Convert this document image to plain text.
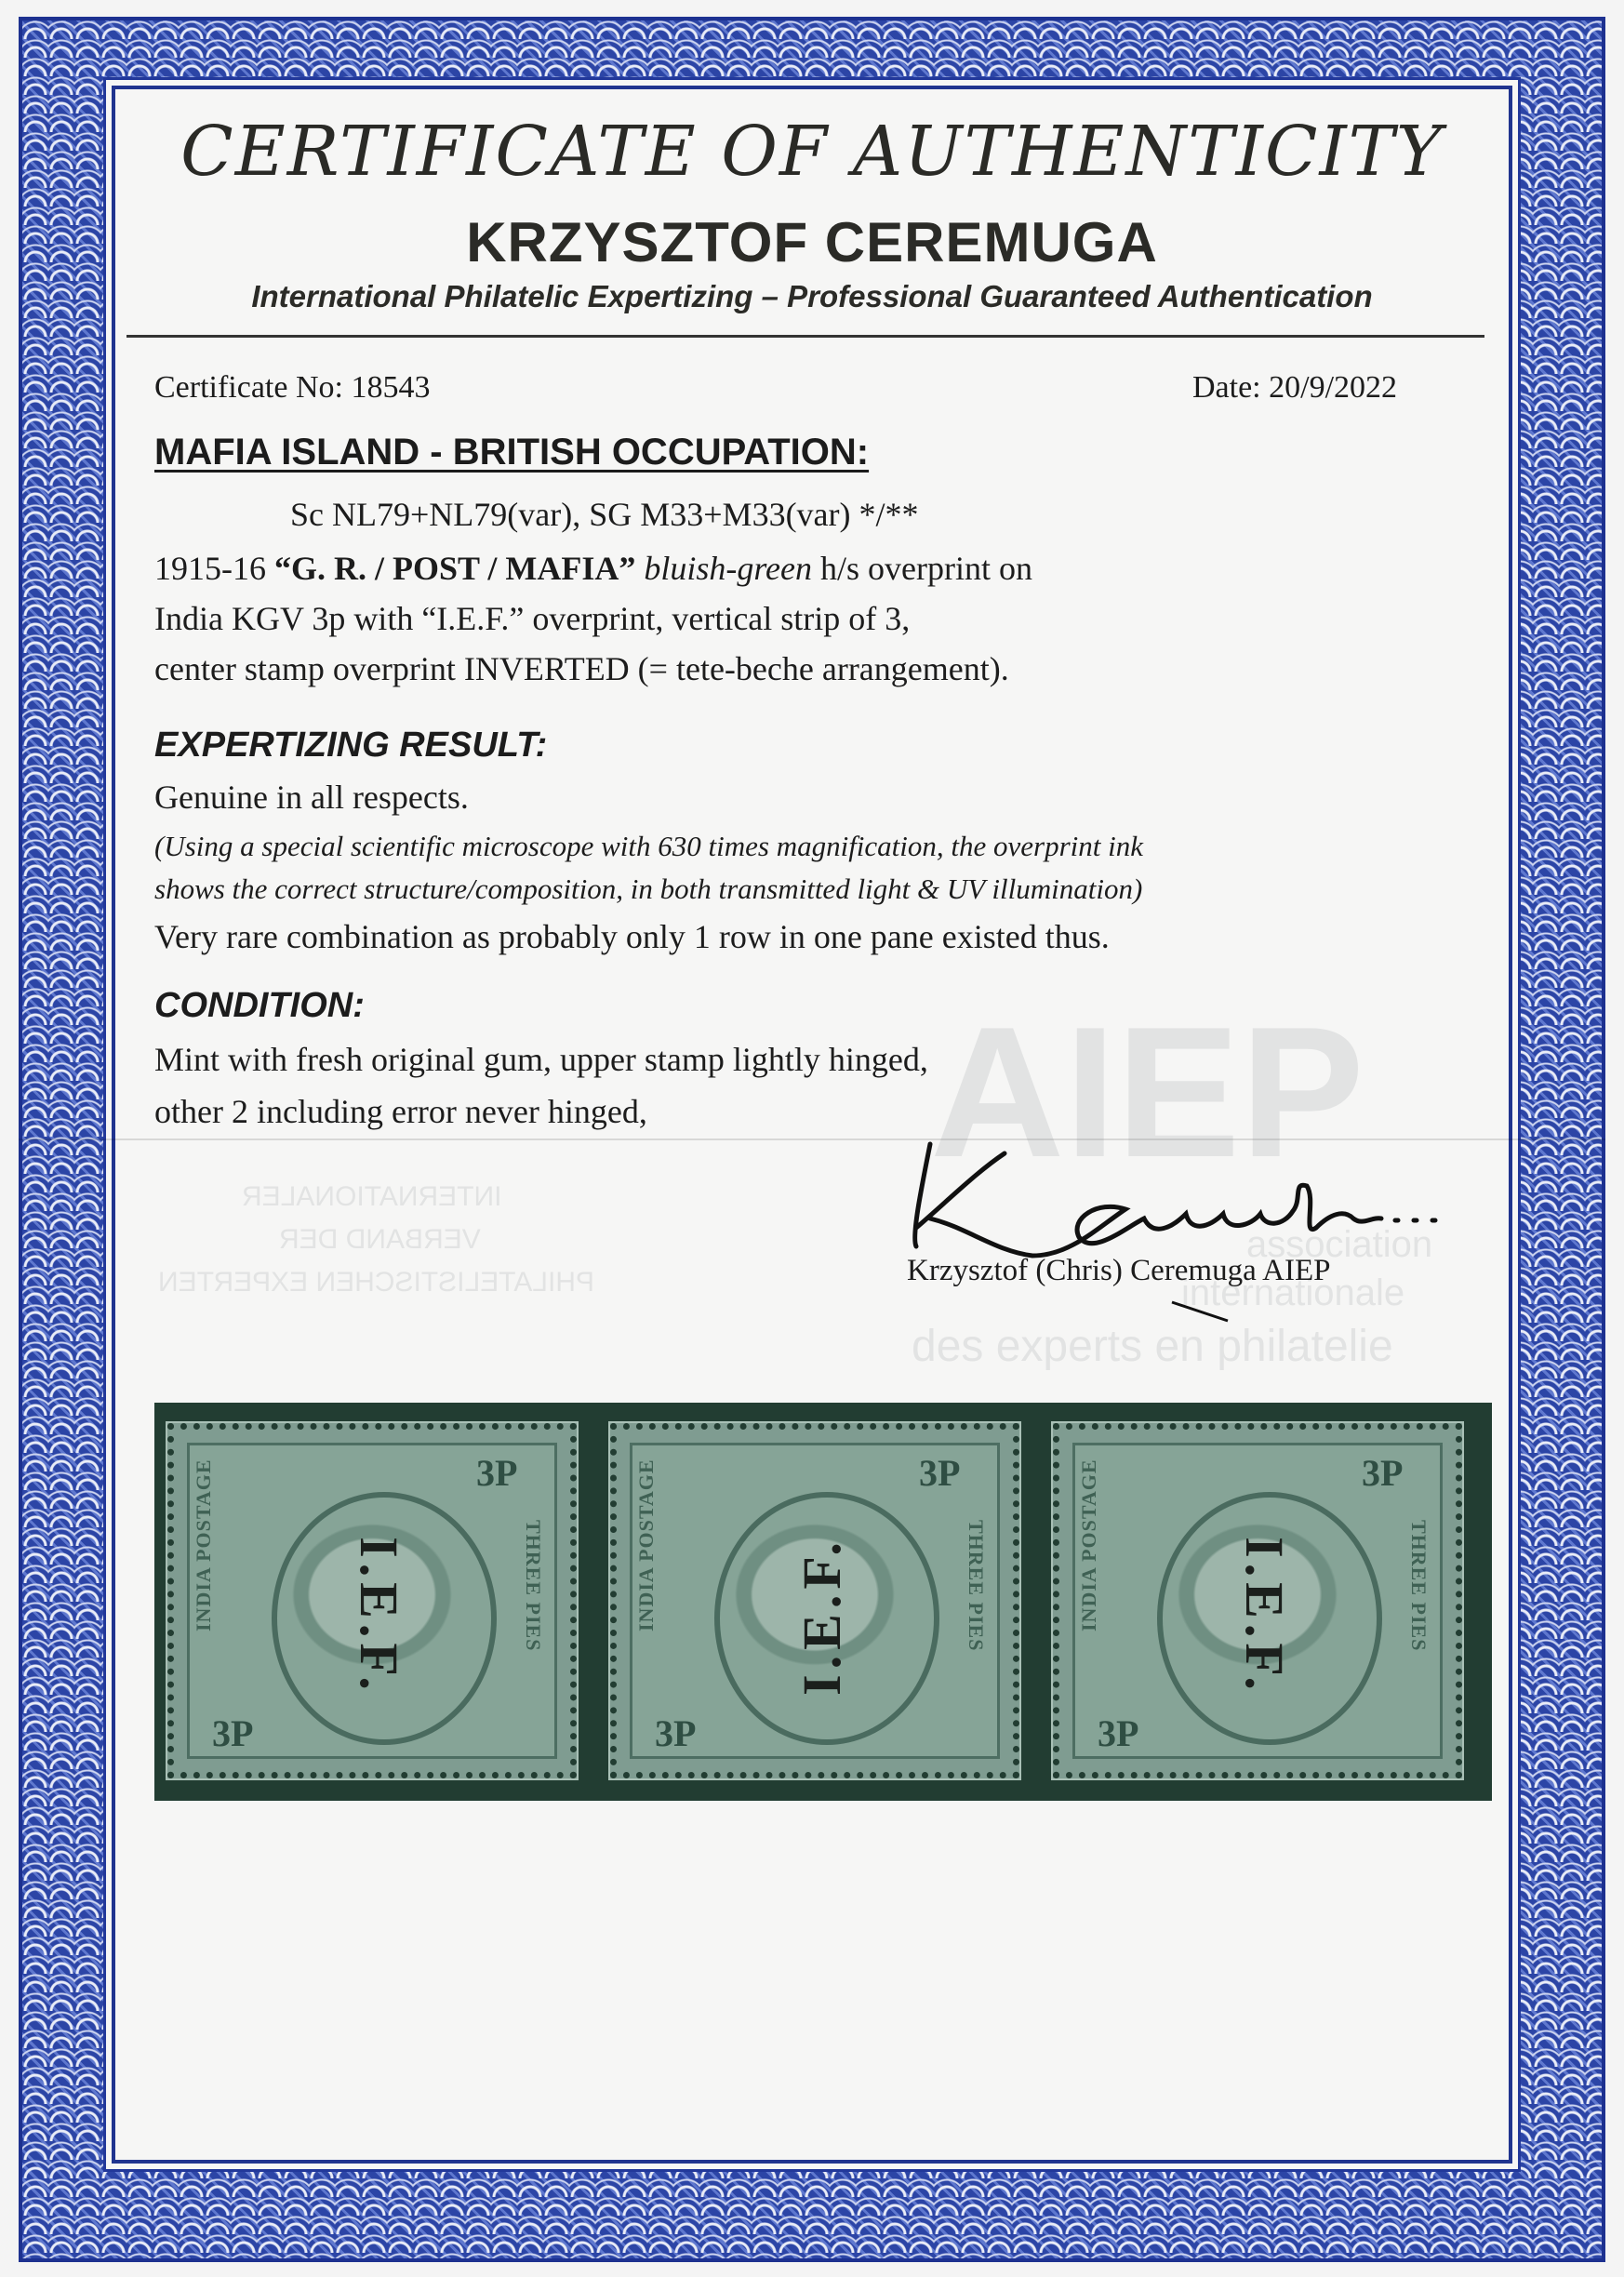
AIEP
INTERNATIONALER
VERBAND DER
PHILATELISTISCHEN EXPERTEN
association
internationale
des experts en philatelie
CERTIFICATE OF AUTHENTICITY
KRZYSZTOF CEREMUGA
International Philatelic Expertizing – Professional Guaranteed Authentication
Certificate No: 18543	Date: 20/9/2022
MAFIA ISLAND - BRITISH OCCUPATION:
Sc NL79+NL79(var), SG M33+M33(var) */**
1915-16 “G. R. / POST / MAFIA” bluish-green h/s overprint on
India KGV 3p with “I.E.F.” overprint, vertical strip of 3,
center stamp overprint INVERTED (= tete-beche arrangement).
EXPERTIZING RESULT:
Genuine in all respects.
(Using a special scientific microscope with 630 times magnification, the overprint ink
shows the correct structure/composition, in both transmitted light & UV illumination)
Very rare combination as probably only 1 row in one pane existed thus.
CONDITION:
Mint with fresh original gum, upper stamp lightly hinged,
other 2 including error never hinged,
Krzysztof (Chris) Ceremuga AIEP
INDIA POSTAGE	THREE PIES
3P
3P
I.E.F.	INDIA POSTAGE	THREE PIES
3P
3P
I.E.F.	INDIA POSTAGE	THREE PIES
3P
3P
I.E.F.
